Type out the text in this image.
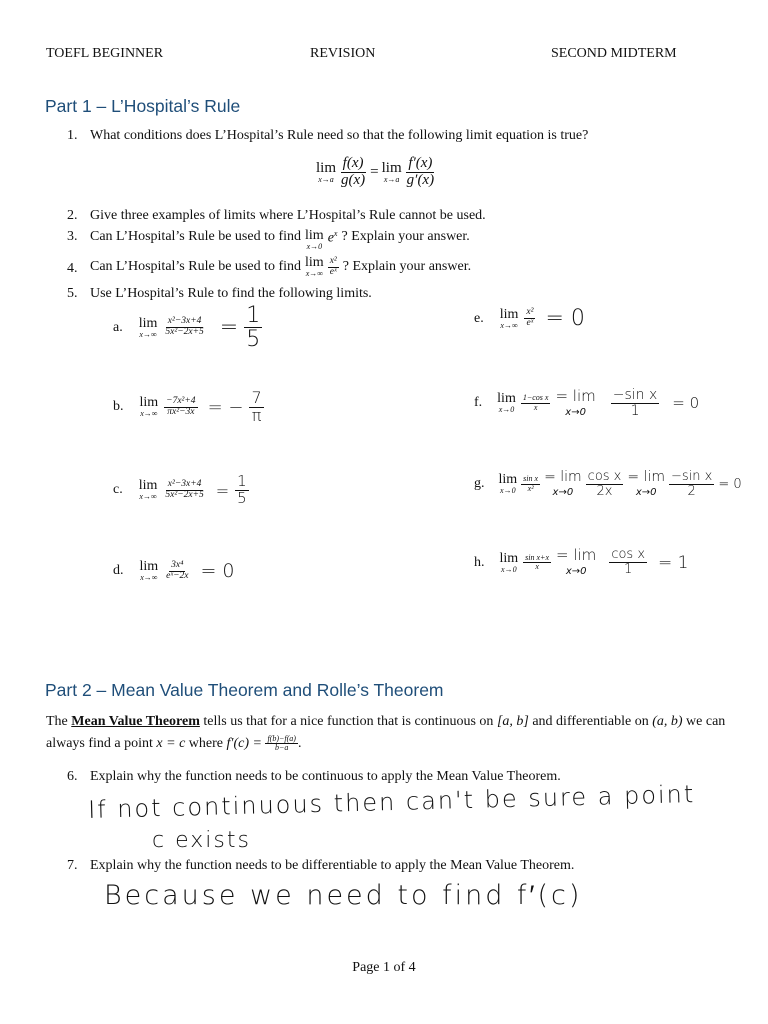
TOEFL BEGINNER	REVISION	SECOND MIDTERM
Part 1 – L’Hospital’s Rule
1. What conditions does L’Hospital’s Rule need so that the following limit equation is true?
lim
$x\to a \frac{f(x)}{g(x)} = \lim$
$x\to a \frac{f'(x)}{g'(x)}$
2. Give three examples of limits where L’Hospital’s Rule cannot be used.
3. Can L’Hospital’s Rule be used to find lim
x→0
$e^x$ ? Explain your answer.
4. Can L’Hospital’s Rule be used to find lim
$x\to\infty \frac{\text{x²}}{\text{eˣ}}$ ? Explain your answer.
5. Use L’Hospital’s Rule to find the following limits.
a. lim
$x\to\infty \frac{\text{x²−3x+4}}{\text{5x²−2x+5}} = \frac{1}{5}$
b. lim
$x\to\infty \frac{\text{−7x²+4}}{\text{πx²−3x}}$ = − $\frac{7}{\pi}$
c. lim
$x\to\infty \frac{\text{x²−3x+4}}{\text{5x²−2x+5}} = \frac{1}{5}$
d. lim
$x\to\infty \frac{\text{3x⁴}}{\text{eˣ−2x}} = 0$
e. lim
$x\to\infty \frac{\text{x²}}{\text{eˣ}} = 0$
f. lim
$x\to 0 \frac{\text{1−cos x}}{x} = \lim$
$x\to 0 \frac{\text{−sin x}}{1} = 0$
g. lim
$x\to 0 \frac{\text{sin x}}{\text{x²}} = \lim$
$x\to 0 \frac{\text{cos x}}{2x} = \lim$
$x\to 0 \frac{\text{−sin x}}{2} = 0$
h. lim
$x\to 0 \frac{\text{sin x+x}}{x} = \lim$
$x\to 0 \frac{\text{cos x}}{1} = 1$
Part 2 – Mean Value Theorem and Rolle’s Theorem
The Mean Value Theorem tells us that for a nice function that is continuous on [a, b] and differentiable on (a, b) we can always find a point x = c where $f'(c) = \frac{f(b)-f(a)}{b-a}$ .
6. Explain why the function needs to be continuous to apply the Mean Value Theorem.
If not continuous then can't be sure a point
c exists
7. Explain why the function needs to be differentiable to apply the Mean Value Theorem.
Because we need to find f′(c)
Page 1 of 4
